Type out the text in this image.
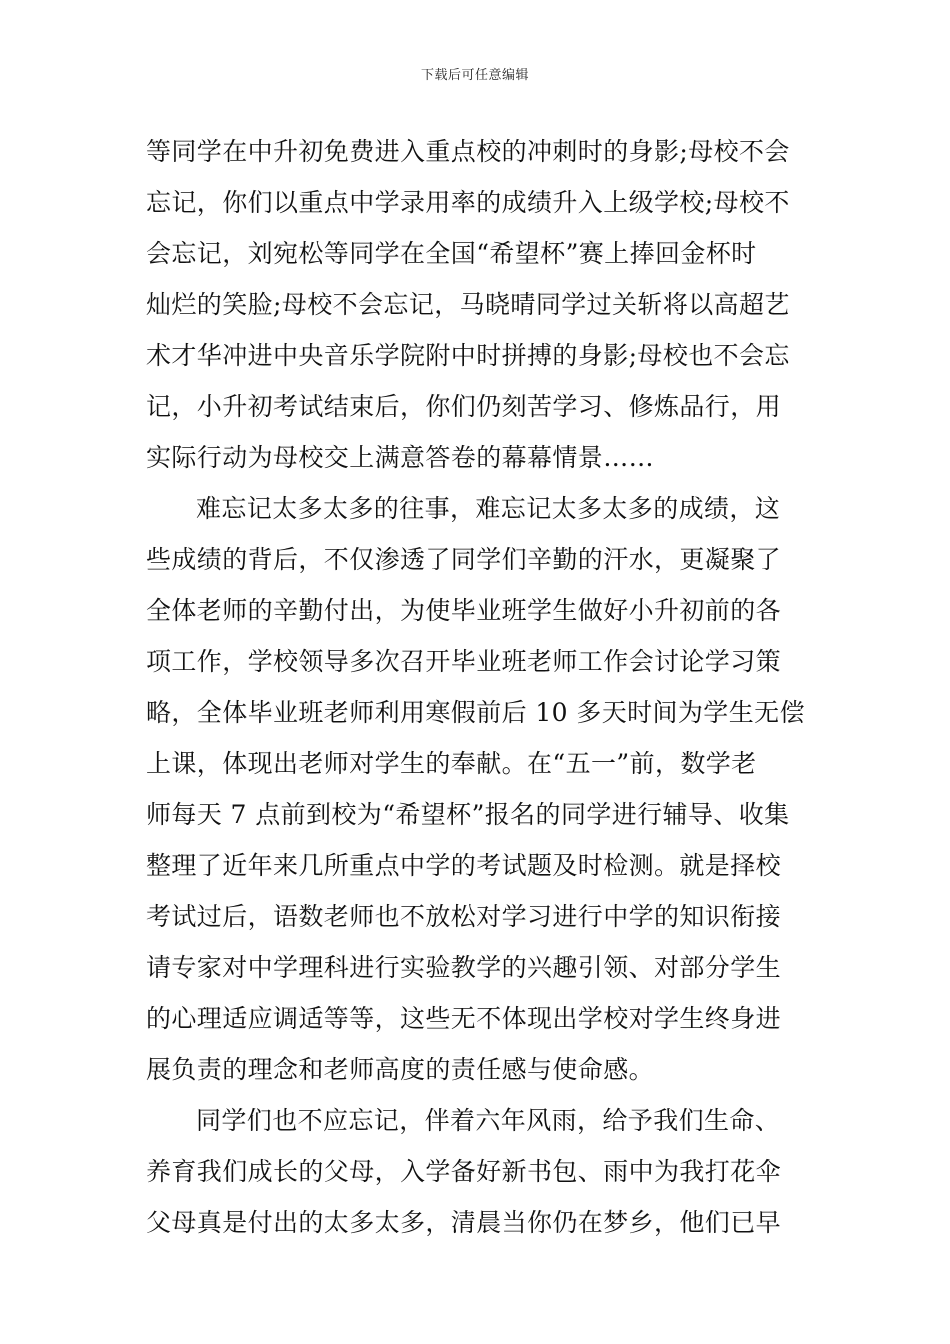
下载后可任意编辑
等同学在中升初免费进入重点校的冲刺时的身影;母校不会
忘记，你们以重点中学录用率的成绩升入上级学校;母校不
会忘记，刘宛松等同学在全国“希望杯”赛上捧回金杯时
灿烂的笑脸;母校不会忘记，马晓晴同学过关斩将以高超艺
术才华冲进中央音乐学院附中时拼搏的身影;母校也不会忘
记，小升初考试结束后，你们仍刻苦学习、修炼品行，用
实际行动为母校交上满意答卷的幕幕情景……
难忘记太多太多的往事，难忘记太多太多的成绩，这
些成绩的背后，不仅渗透了同学们辛勤的汗水，更凝聚了
全体老师的辛勤付出，为使毕业班学生做好小升初前的各
项工作，学校领导多次召开毕业班老师工作会讨论学习策
略，全体毕业班老师利用寒假前后 10 多天时间为学生无偿
上课，体现出老师对学生的奉献。在“五一”前，数学老
师每天 7 点前到校为“希望杯”报名的同学进行辅导、收集
整理了近年来几所重点中学的考试题及时检测。就是择校
考试过后，语数老师也不放松对学习进行中学的知识衔接
请专家对中学理科进行实验教学的兴趣引领、对部分学生
的心理适应调适等等，这些无不体现出学校对学生终身进
展负责的理念和老师高度的责任感与使命感。
同学们也不应忘记，伴着六年风雨，给予我们生命、
养育我们成长的父母，入学备好新书包、雨中为我打花伞
父母真是付出的太多太多，清晨当你仍在梦乡，他们已早
